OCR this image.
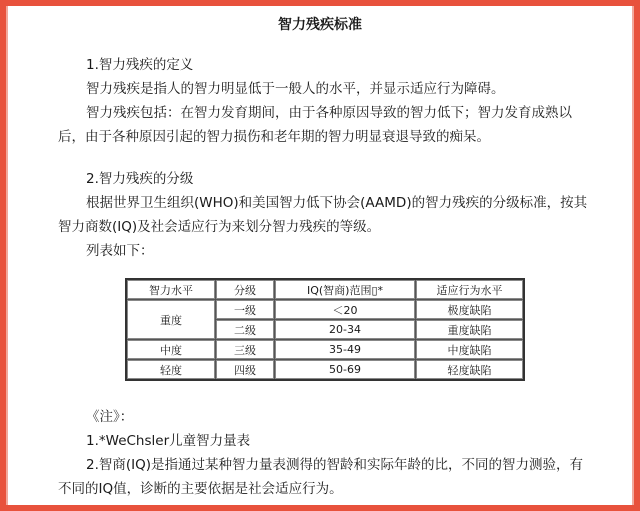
智力残疾标准
1.智力残疾的定义
智力残疾是指人的智力明显低于一般人的水平，并显示适应行为障碍。
智力残疾包括：在智力发育期间，由于各种原因导致的智力低下；智力发育成熟以
后，由于各种原因引起的智力损伤和老年期的智力明显衰退导致的痴呆。
2.智力残疾的分级
根据世界卫生组织(WHO)和美国智力低下协会(AAMD)的智力残疾的分级标准，按其
智力商数(IQ)及社会适应行为来划分智力残疾的等级。
列表如下：
智力水平	分级	IQ(智商)范围▯*	适应行为水平
重度	一级	＜20	极度缺陷
	二级	20-34	重度缺陷
中度	三级	35-49	中度缺陷
轻度	四级	50-69	轻度缺陷
《注》：
1.*WeChsler儿童智力量表
2.智商(IQ)是指通过某种智力量表测得的智龄和实际年龄的比，不同的智力测验，有
不同的IQ值，诊断的主要依据是社会适应行为。
